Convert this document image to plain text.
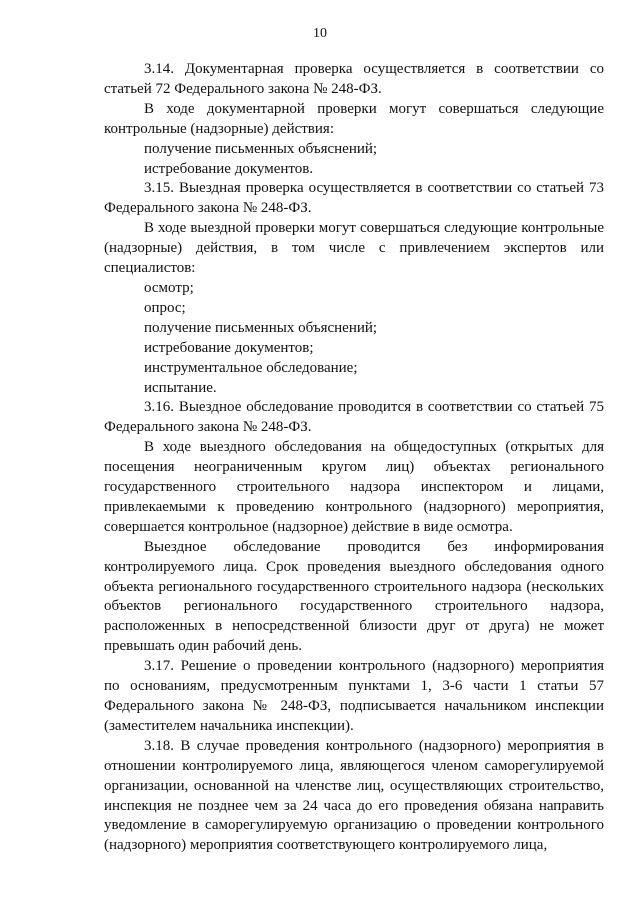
10

3.14. Документарная проверка осуществляется в соответствии со статьей 72 Федерального закона № 248-ФЗ.

В ходе документарной проверки могут совершаться следующие контрольные (надзорные) действия:

получение письменных объяснений;

истребование документов.

3.15. Выездная проверка осуществляется в соответствии со статьей 73 Федерального закона № 248-ФЗ.

В ходе выездной проверки могут совершаться следующие контрольные (надзорные) действия, в том числе с привлечением экспертов или специалистов:

осмотр;

опрос;

получение письменных объяснений;

истребование документов;

инструментальное обследование;

испытание.

3.16. Выездное обследование проводится в соответствии со статьей 75 Федерального закона № 248-ФЗ.

В ходе выездного обследования на общедоступных (открытых для посещения неограниченным кругом лиц) объектах регионального государственного строительного надзора инспектором и лицами, привлекаемыми к проведению контрольного (надзорного) мероприятия, совершается контрольное (надзорное) действие в виде осмотра.

Выездное обследование проводится без информирования контролируемого лица. Срок проведения выездного обследования одного объекта регионального государственного строительного надзора (нескольких объектов регионального государственного строительного надзора, расположенных в непосредственной близости друг от друга) не может превышать один рабочий день.

3.17. Решение о проведении контрольного (надзорного) мероприятия по основаниям, предусмотренным пунктами 1, 3-6 части 1 статьи 57 Федерального закона № 248-ФЗ, подписывается начальником инспекции (заместителем начальника инспекции).

3.18. В случае проведения контрольного (надзорного) мероприятия в отношении контролируемого лица, являющегося членом саморегулируемой организации, основанной на членстве лиц, осуществляющих строительство, инспекция не позднее чем за 24 часа до его проведения обязана направить уведомление в саморегулируемую организацию о проведении контрольного (надзорного) мероприятия соответствующего контролируемого лица,
